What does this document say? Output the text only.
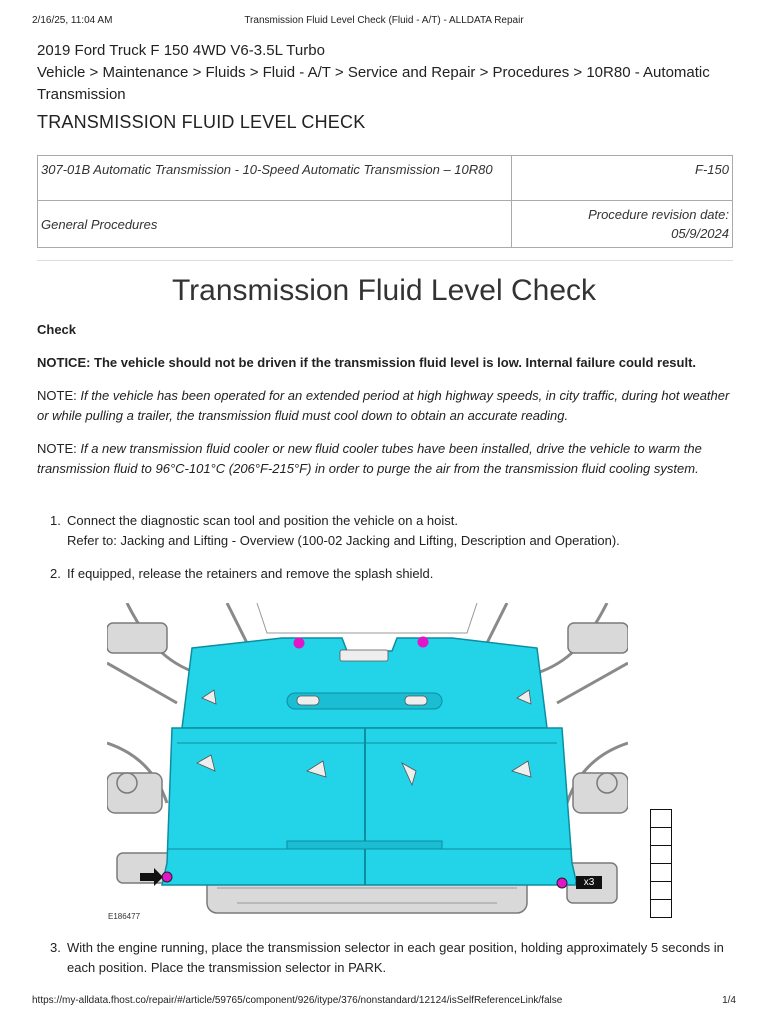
2/16/25, 11:04 AM	Transmission Fluid Level Check (Fluid - A/T) - ALLDATA Repair
2019 Ford Truck F 150 4WD V6-3.5L Turbo
Vehicle > Maintenance > Fluids > Fluid - A/T > Service and Repair > Procedures > 10R80 - Automatic Transmission
TRANSMISSION FLUID LEVEL CHECK
307-01B Automatic Transmission - 10-Speed Automatic Transmission – 10R80	F-150
General Procedures	Procedure revision date:
05/9/2024
Transmission Fluid Level Check
Check
NOTICE: The vehicle should not be driven if the transmission fluid level is low. Internal failure could result.
NOTE: If the vehicle has been operated for an extended period at high highway speeds, in city traffic, during hot weather or while pulling a trailer, the transmission fluid must cool down to obtain an accurate reading.
NOTE: If a new transmission fluid cooler or new fluid cooler tubes have been installed, drive the vehicle to warm the transmission fluid to 96°C-101°C (206°F-215°F) in order to purge the air from the transmission fluid cooling system.
1. Connect the diagnostic scan tool and position the vehicle on a hoist.
Refer to: Jacking and Lifting - Overview (100-02 Jacking and Lifting, Description and Operation).
2. If equipped, release the retainers and remove the splash shield.
E186477
x3
3. With the engine running, place the transmission selector in each gear position, holding approximately 5 seconds in each position. Place the transmission selector in PARK.
https://my-alldata.fhost.co/repair/#/article/59765/component/926/itype/376/nonstandard/12124/isSelfReferenceLink/false	1/4
